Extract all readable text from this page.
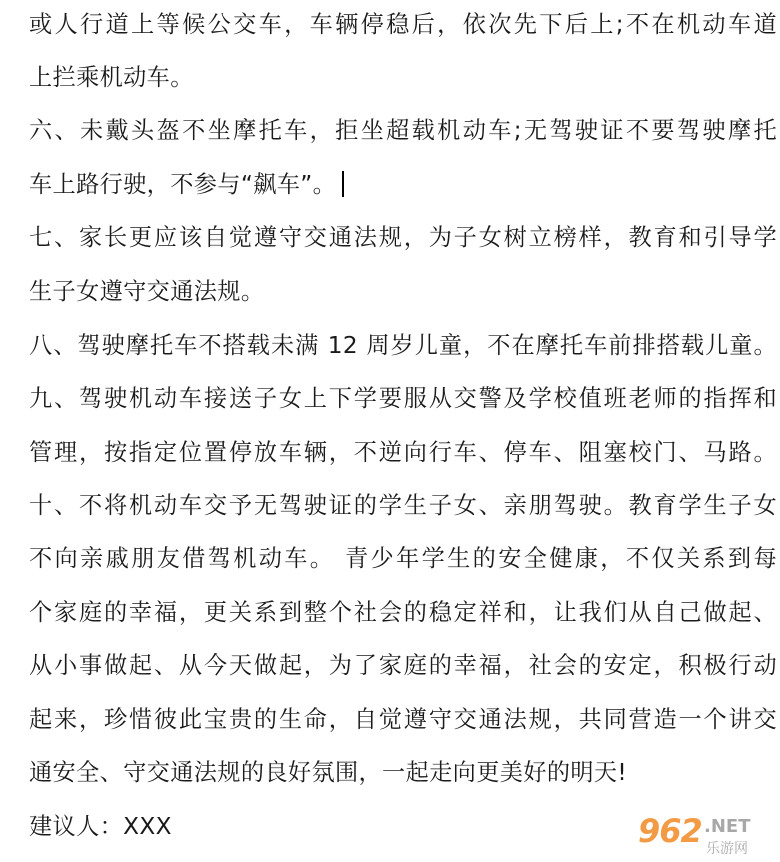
或人行道上等候公交车，车辆停稳后，依次先下后上;不在机动车道
上拦乘机动车。
六、未戴头盔不坐摩托车，拒坐超载机动车;无驾驶证不要驾驶摩托
车上路行驶，不参与“飙车”。
七、家长更应该自觉遵守交通法规，为子女树立榜样，教育和引导学
生子女遵守交通法规。
八、驾驶摩托车不搭载未满 12 周岁儿童，不在摩托车前排搭载儿童。
九、驾驶机动车接送子女上下学要服从交警及学校值班老师的指挥和
管理，按指定位置停放车辆，不逆向行车、停车、阻塞校门、马路。
十、不将机动车交予无驾驶证的学生子女、亲朋驾驶。教育学生子女
不向亲戚朋友借驾机动车。 青少年学生的安全健康，不仅关系到每
个家庭的幸福，更关系到整个社会的稳定祥和，让我们从自己做起、
从小事做起、从今天做起，为了家庭的幸福，社会的安定，积极行动
起来，珍惜彼此宝贵的生命，自觉遵守交通法规，共同营造一个讲交
通安全、守交通法规的良好氛围，一起走向更美好的明天!
建议人：XXX	962 .NET
乐游网
